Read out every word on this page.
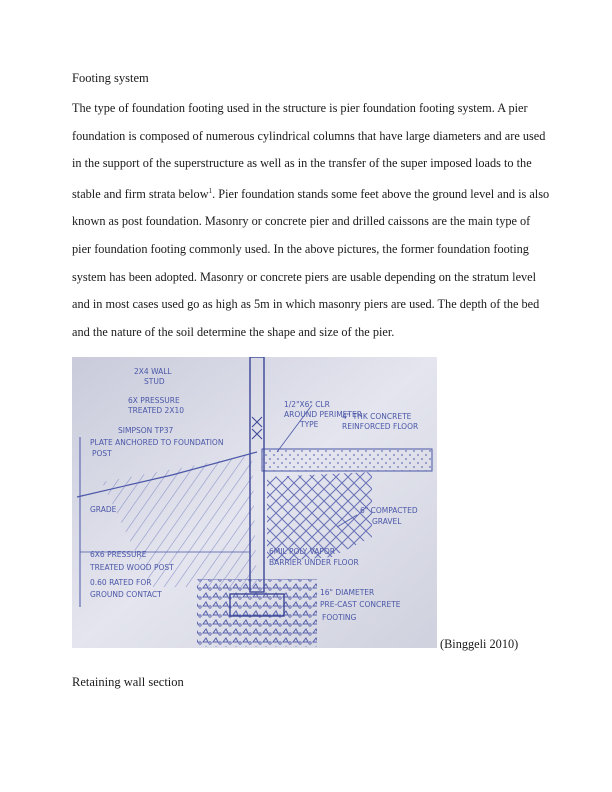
Footing system
The type of foundation footing used in the structure is pier foundation footing system. A pier
foundation is composed of numerous cylindrical columns that have large diameters and are used
in the support of the superstructure as well as in the transfer of the super imposed loads to the
stable and firm strata below$^1$. Pier foundation stands some feet above the ground level and is also
known as post foundation. Masonry or concrete pier and drilled caissons are the main type of
pier foundation footing commonly used. In the above pictures, the former foundation footing
system has been adopted. Masonry or concrete piers are usable depending on the stratum level
and in most cases used go as high as 5m in which masonry piers are used. The depth of the bed
and the nature of the soil determine the shape and size of the pier.
2X4 WALL
STUD
6X PRESSURE
TREATED 2X10
SIMPSON TP37
PLATE ANCHORED TO FOUNDATION
POST
1/2"X6" CLR
AROUND PERIMETER
TYPE
4" THK CONCRETE
REINFORCED FLOOR
GRADE	6" COMPACTED
GRAVEL
6X6 PRESSURE
TREATED WOOD POST
0.60 RATED FOR
GROUND CONTACT
6MIL POLY VAPOR
BARRIER UNDER FLOOR
16" DIAMETER
PRE-CAST CONCRETE
FOOTING
(Binggeli 2010)
Retaining wall section
